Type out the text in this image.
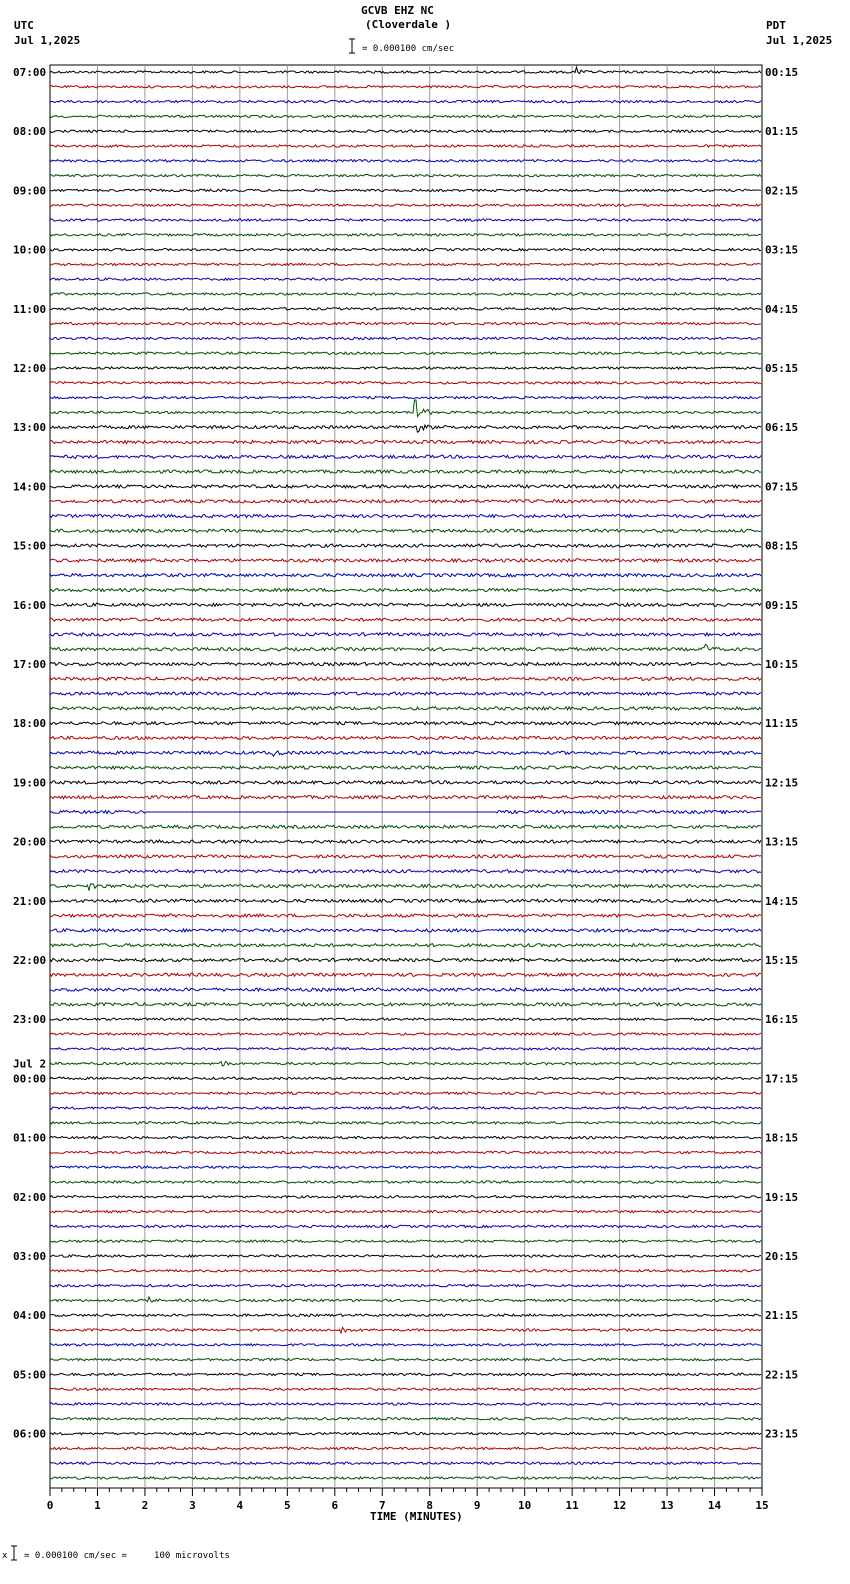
GCVB EHZ NC
(Cloverdale )
UTC
Jul 1,2025
PDT
Jul 1,2025
= 0.000100 cm/sec
TIME (MINUTES)
x = 0.000100 cm/sec =     100 microvolts
07:00
08:00
09:00
10:00
11:00
12:00
13:00
14:00
15:00
16:00
17:00
18:00
19:00
20:00
21:00
22:00
23:00
00:00
01:00
02:00
03:00
04:00
05:00
06:00
00:15
01:15
02:15
03:15
04:15
05:15
06:15
07:15
08:15
09:15
10:15
11:15
12:15
13:15
14:15
15:15
16:15
17:15
18:15
19:15
20:15
21:15
22:15
23:15
Jul 2
0	1	2	3	4	5	6	7	8	9	10	11	12	13	14	15
